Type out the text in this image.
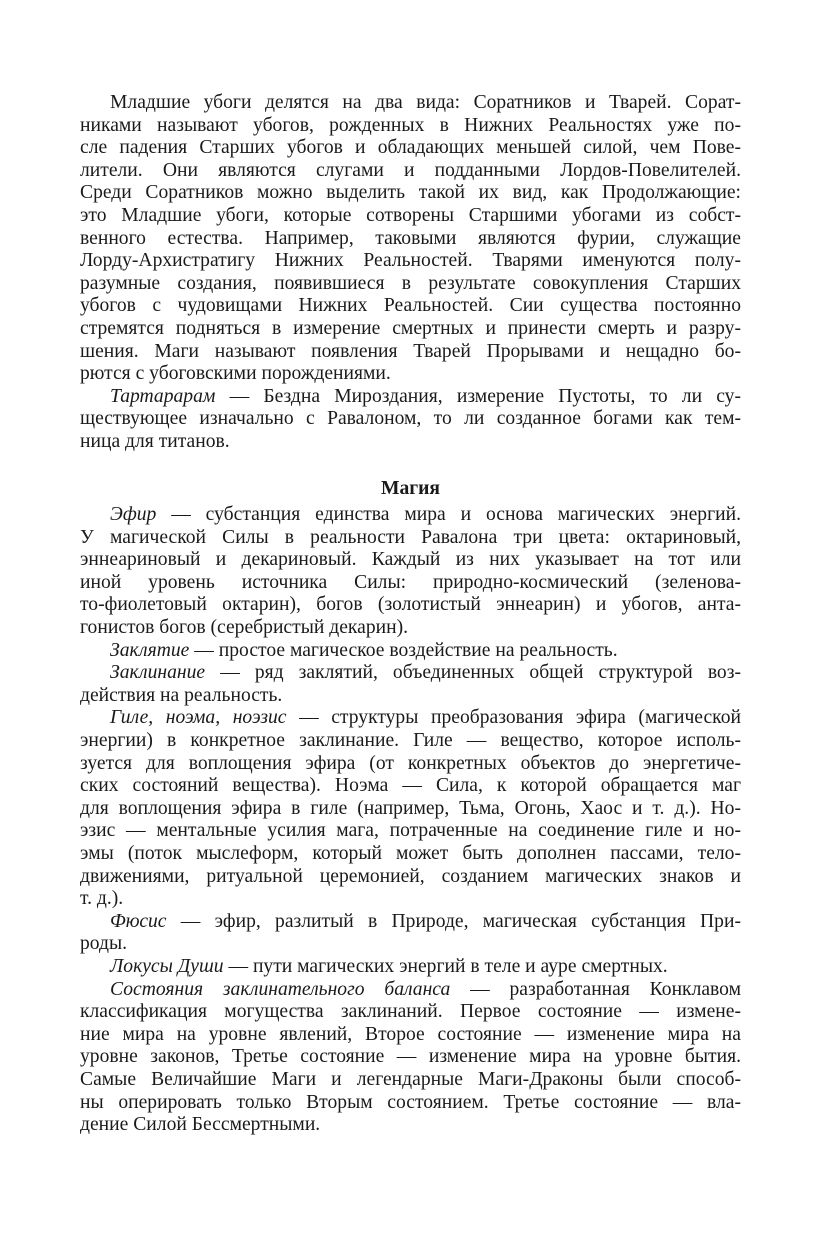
Младшие убоги делятся на два вида: Соратников и Тварей. Сорат-
никами называют убогов, рожденных в Нижних Реальностях уже по-
сле падения Старших убогов и обладающих меньшей силой, чем Пове-
лители. Они являются слугами и подданными Лордов-Повелителей.
Среди Соратников можно выделить такой их вид, как Продолжающие:
это Младшие убоги, которые сотворены Старшими убогами из собст-
венного естества. Например, таковыми являются фурии, служащие
Лорду-Архистратигу Нижних Реальностей. Тварями именуются полу-
разумные создания, появившиеся в результате совокупления Старших
убогов с чудовищами Нижних Реальностей. Сии существа постоянно
стремятся подняться в измерение смертных и принести смерть и разру-
шения. Маги называют появления Тварей Прорывами и нещадно бо-
рются с убоговскими порождениями.
Тартарарам — Бездна Мироздания, измерение Пустоты, то ли су-
ществующее изначально с Равалоном, то ли созданное богами как тем-
ница для титанов.
Магия
Эфир — субстанция единства мира и основа магических энергий.
У магической Силы в реальности Равалона три цвета: октариновый,
эннеариновый и декариновый. Каждый из них указывает на тот или
иной уровень источника Силы: природно-космический (зеленова-
то-фиолетовый октарин), богов (золотистый эннеарин) и убогов, анта-
гонистов богов (серебристый декарин).
Заклятие — простое магическое воздействие на реальность.
Заклинание — ряд заклятий, объединенных общей структурой воз-
действия на реальность.
Гиле, ноэма, ноэзис — структуры преобразования эфира (магической
энергии) в конкретное заклинание. Гиле — вещество, которое исполь-
зуется для воплощения эфира (от конкретных объектов до энергетиче-
ских состояний вещества). Ноэма — Сила, к которой обращается маг
для воплощения эфира в гиле (например, Тьма, Огонь, Хаос и т. д.). Но-
эзис — ментальные усилия мага, потраченные на соединение гиле и но-
эмы (поток мыслеформ, который может быть дополнен пассами, тело-
движениями, ритуальной церемонией, созданием магических знаков и
т. д.).
Фюсис — эфир, разлитый в Природе, магическая субстанция При-
роды.
Локусы Души — пути магических энергий в теле и ауре смертных.
Состояния заклинательного баланса — разработанная Конклавом
классификация могущества заклинаний. Первое состояние — измене-
ние мира на уровне явлений, Второе состояние — изменение мира на
уровне законов, Третье состояние — изменение мира на уровне бытия.
Самые Величайшие Маги и легендарные Маги-Драконы были способ-
ны оперировать только Вторым состоянием. Третье состояние — вла-
дение Силой Бессмертными.
